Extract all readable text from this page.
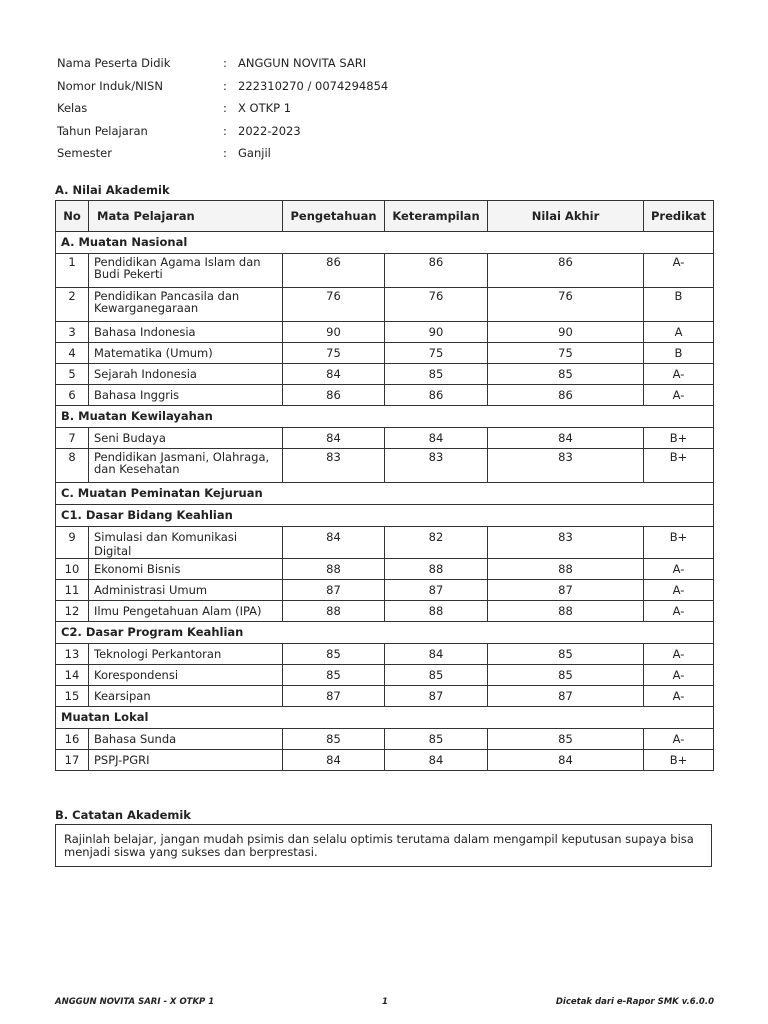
Nama Peserta Didik	: ANGGUN NOVITA SARI
Nomor Induk/NISN	: 222310270 / 0074294854
Kelas	: X OTKP 1
Tahun Pelajaran	: 2022-2023
Semester	: Ganjil
A. Nilai Akademik
No	Mata Pelajaran	Pengetahuan	Keterampilan	Nilai Akhir	Predikat
A. Muatan Nasional					
1	Pendidikan Agama Islam dan Budi Pekerti	86	86	86	A-
2	Pendidikan Pancasila dan Kewarganegaraan	76	76	76	B
3	Bahasa Indonesia	90	90	90	A
4	Matematika (Umum)	75	75	75	B
5	Sejarah Indonesia	84	85	85	A-
6	Bahasa Inggris	86	86	86	A-
B. Muatan Kewilayahan					
7	Seni Budaya	84	84	84	B+
8	Pendidikan Jasmani, Olahraga, dan Kesehatan	83	83	83	B+
C. Muatan Peminatan Kejuruan					
C1. Dasar Bidang Keahlian					
9	Simulasi dan Komunikasi Digital	84	82	83	B+
10	Ekonomi Bisnis	88	88	88	A-
11	Administrasi Umum	87	87	87	A-
12	Ilmu Pengetahuan Alam (IPA)	88	88	88	A-
C2. Dasar Program Keahlian					
13	Teknologi Perkantoran	85	84	85	A-
14	Korespondensi	85	85	85	A-
15	Kearsipan	87	87	87	A-
Muatan Lokal					
16	Bahasa Sunda	85	85	85	A-
17	PSPJ-PGRI	84	84	84	B+
B. Catatan Akademik
Rajinlah belajar, jangan mudah psimis dan selalu optimis terutama dalam mengampil keputusan supaya bisa menjadi siswa yang sukses dan berprestasi.
ANGGUN NOVITA SARI - X OTKP 1	1	Dicetak dari e-Rapor SMK v.6.0.0
